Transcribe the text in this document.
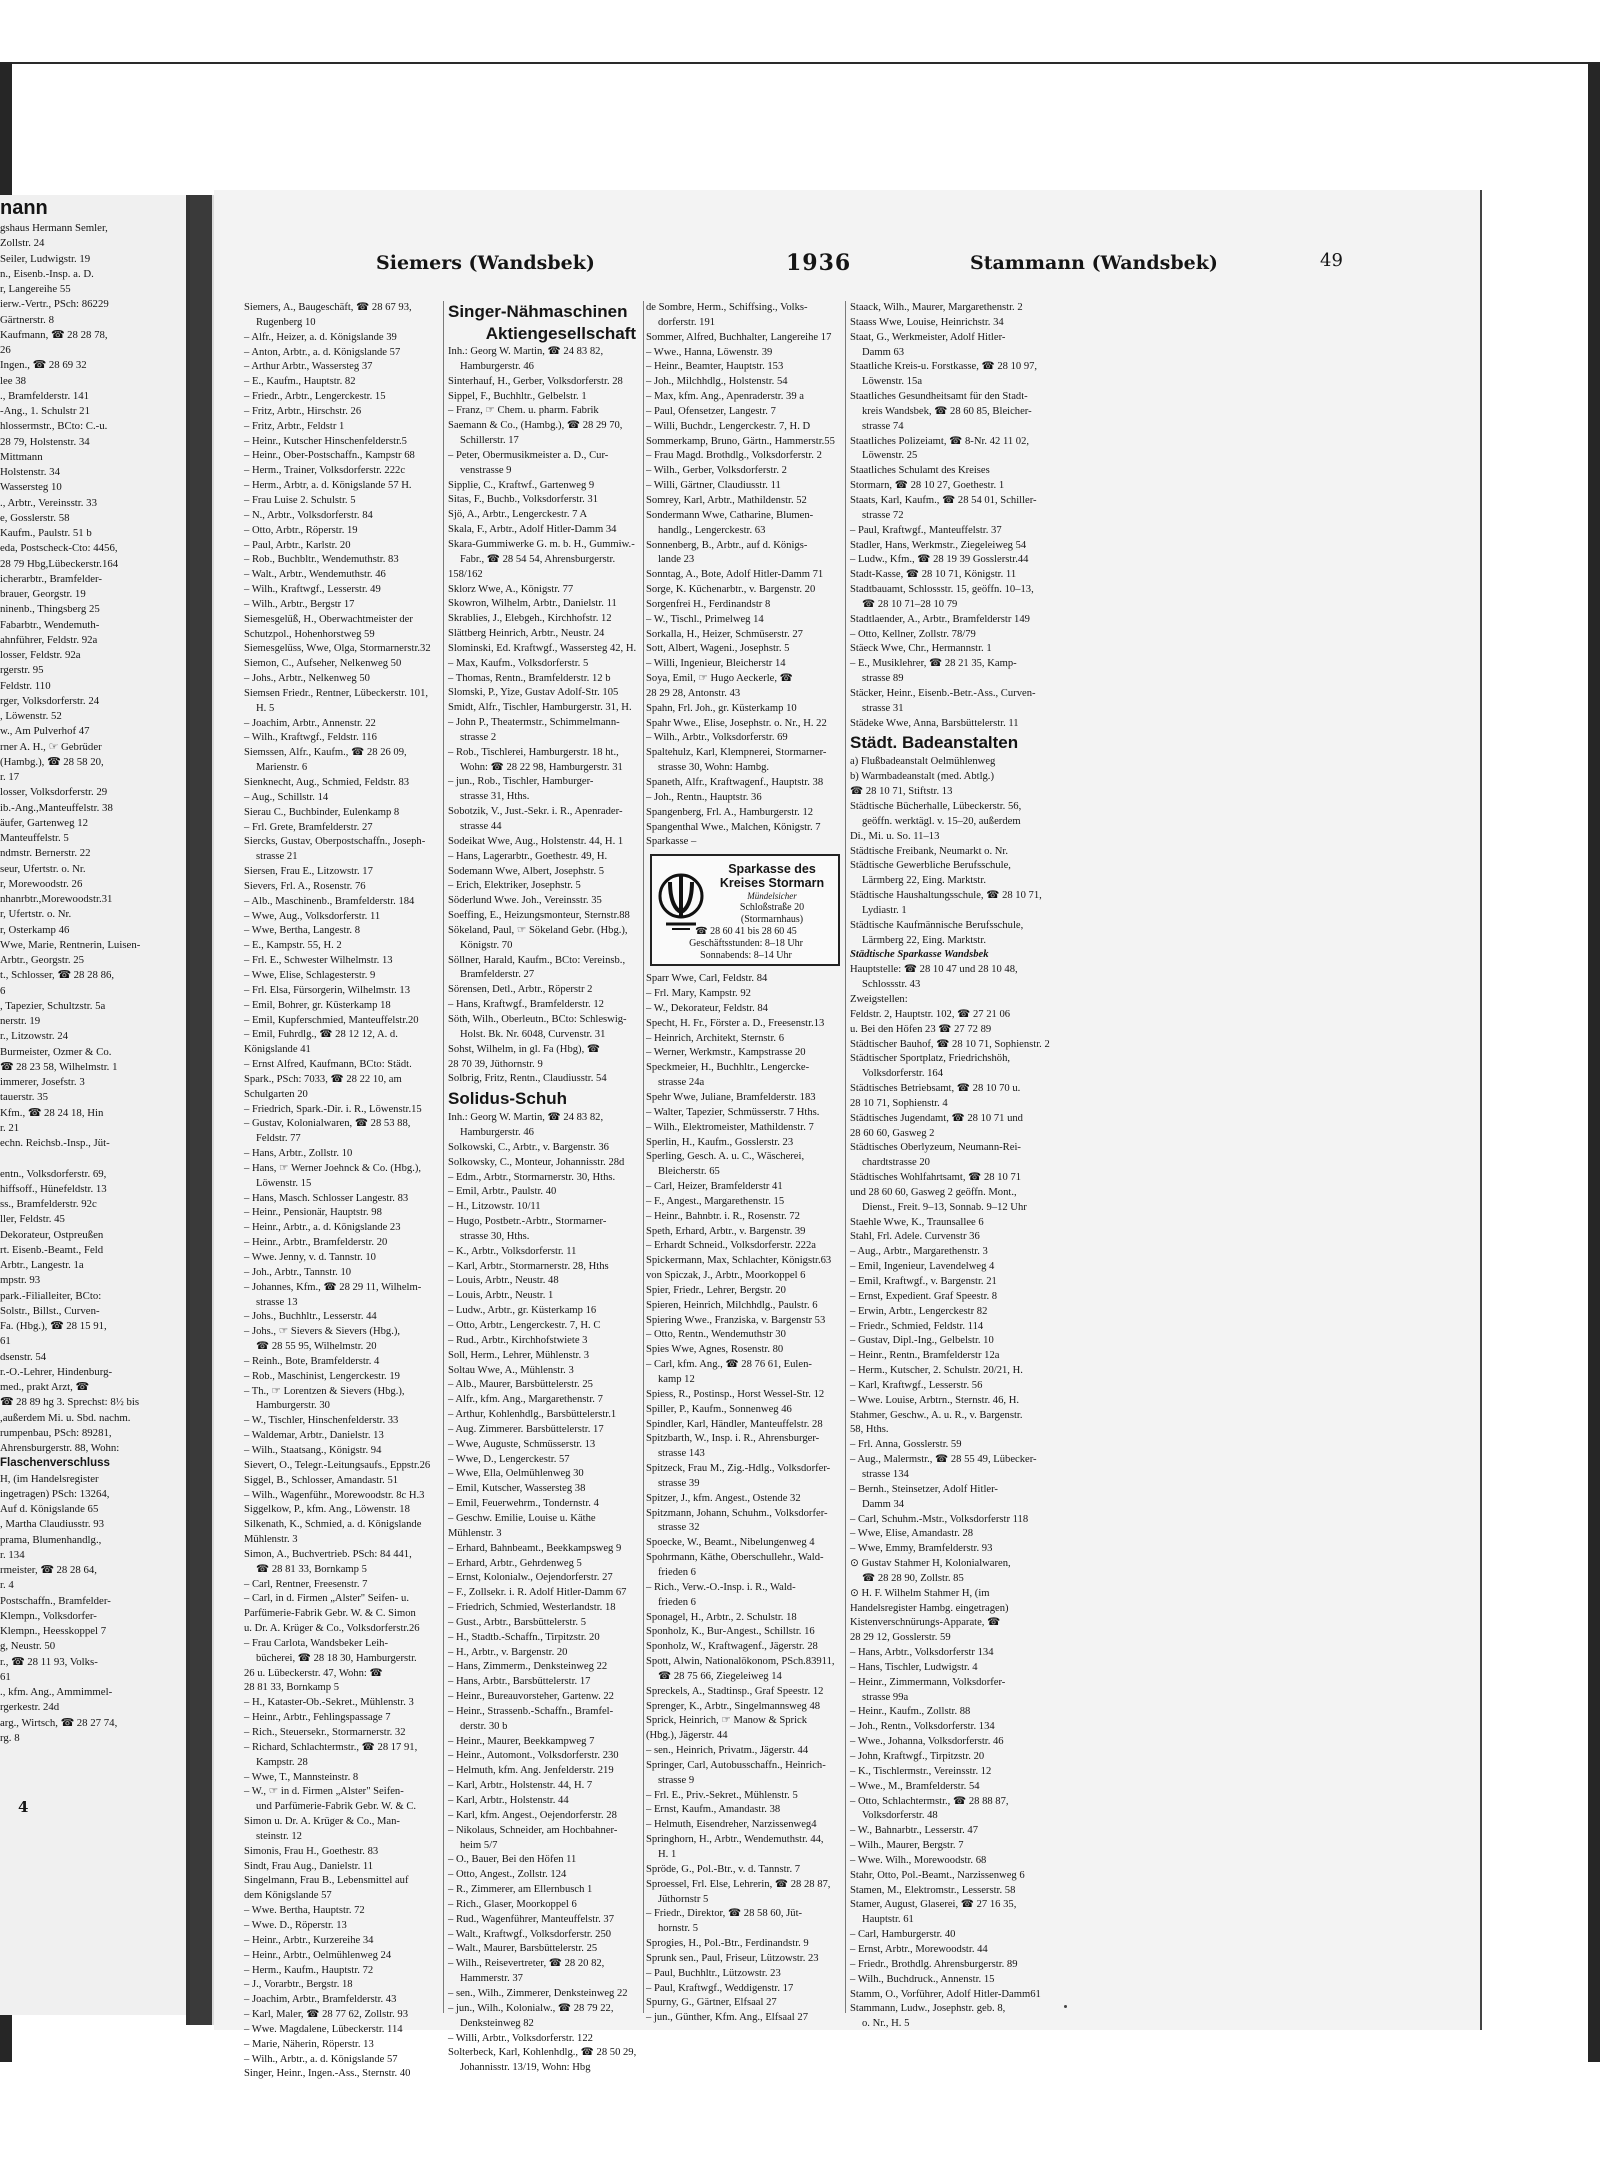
nann
gshaus Hermann Semler,
Zollstr. 24
Seiler, Ludwigstr. 19
n., Eisenb.-Insp. a. D.
r, Langereihe 55
ierw.-Vertr., PSch: 86229
Gärtnerstr. 8
Kaufmann, ☎ 28 28 78,
26
Ingen., ☎ 28 69 32
lee 38
., Bramfelderstr. 141
-Ang., 1. Schulstr 21
hlossermstr., BCto: C.-u.
28 79, Holstenstr. 34
Mittmann
Holstenstr. 34
Wassersteg 10
., Arbtr., Vereinsstr. 33
e, Gosslerstr. 58
Kaufm., Paulstr. 51 b
eda, Postscheck-Cto: 4456,
28 79 Hbg,Lübeckerstr.164
icherarbtr., Bramfelder-
brauer, Georgstr. 19
ninenb., Thingsberg 25
Fabarbtr., Wendemuth-
ahnführer, Feldstr. 92a
losser, Feldstr. 92a
rgerstr. 95
Feldstr. 110
rger, Volksdorferstr. 24
, Löwenstr. 52
w., Am Pulverhof 47
rner A. H., ☞ Gebrüder
(Hambg.), ☎ 28 58 20,
r. 17
losser, Volksdorferstr. 29
ib.-Ang.,Manteuffelstr. 38
äufer, Gartenweg 12
Manteuffelstr. 5
ndmstr. Bernerstr. 22
seur, Ufertstr. o. Nr.
r, Morewoodstr. 26
nhanrbtr.,Morewoodstr.31
r, Ufertstr. o. Nr.
r, Osterkamp 46
Wwe, Marie, Rentnerin, Luisen-
Arbtr., Georgstr. 25
t., Schlosser, ☎ 28 28 86,
6
, Tapezier, Schultzstr. 5a
nerstr. 19
r., Litzowstr. 24
Burmeister, Ozmer & Co.
☎ 28 23 58, Wilhelmstr. 1
immerer, Josefstr. 3
tauerstr. 35
Kfm., ☎ 28 24 18, Hin
r. 21
echn. Reichsb.-Insp., Jüt-
entn., Volksdorferstr. 69,
hiffsoff., Hünefeldstr. 13
ss., Bramfelderstr. 92c
ller, Feldstr. 45
Dekorateur, Ostpreußen
rt. Eisenb.-Beamt., Feld
Arbtr., Langestr. 1a
mpstr. 93
park.-Filialleiter, BCto:
Solstr., Billst., Curven-
Fa. (Hbg.), ☎ 28 15 91,
61
dsenstr. 54
r.-O.-Lehrer, Hindenburg-
med., prakt Arzt, ☎
☎ 28 89 hg 3. Sprechst: 8½ bis
,außerdem Mi. u. Sbd. nachm.
rumpenbau, PSch: 89281,
Ahrensburgerstr. 88, Wohn:
Flaschenverschluss
H, (im Handelsregister
ingetragen) PSch: 13264,
Auf d. Königslande 65
, Martha Claudiusstr. 93
prama, Blumenhandlg.,
r. 134
rmeister, ☎ 28 28 64,
r. 4
Postschaffn., Bramfelder-
Klempn., Volksdorfer-
Klempn., Heesskoppel 7
g, Neustr. 50
r., ☎ 28 11 93, Volks-
61
., kfm. Ang., Ammimmel-
rgerkestr. 24d
arg., Wirtsch, ☎ 28 27 74,
rg. 8
4
Siemers (Wandsbek)	1936	Stammann (Wandsbek)	49
Siemers, A., Baugeschäft, ☎ 28 67 93,
Rugenberg 10
– Alfr., Heizer, a. d. Königslande 39
– Anton, Arbtr., a. d. Königslande 57
– Arthur Arbtr., Wassersteg 37
– E., Kaufm., Hauptstr. 82
– Friedr., Arbtr., Lengerckestr. 15
– Fritz, Arbtr., Hirschstr. 26
– Fritz, Arbtr., Feldstr 1
– Heinr., Kutscher Hinschenfelderstr.5
– Heinr., Ober-Postschaffn., Kampstr 68
– Herm., Trainer, Volksdorferstr. 222c
– Herm., Arbtr, a. d. Königslande 57 H.
– Frau Luise 2. Schulstr. 5
– N., Arbtr., Volksdorferstr. 84
– Otto, Arbtr., Röperstr. 19
– Paul, Arbtr., Karlstr. 20
– Rob., Buchbltr., Wendemuthstr. 83
– Walt., Arbtr., Wendemuthstr. 46
– Wilh., Kraftwgf., Lesserstr. 49
– Wilh., Arbtr., Bergstr 17
Siemesgelüß, H., Oberwachtmeister der
Schutzpol., Hohenhorstweg 59
Siemesgelüss, Wwe, Olga, Stormarnerstr.32
Siemon, C., Aufseher, Nelkenweg 50
– Johs., Arbtr., Nelkenweg 50
Siemsen Friedr., Rentner, Lübeckerstr. 101,
H. 5
– Joachim, Arbtr., Annenstr. 22
– Wilh., Kraftwgf., Feldstr. 116
Siemssen, Alfr., Kaufm., ☎ 28 26 09,
Marienstr. 6
Sienknecht, Aug., Schmied, Feldstr. 83
– Aug., Schillstr. 14
Sierau C., Buchbinder, Eulenkamp 8
– Frl. Grete, Bramfelderstr. 27
Siercks, Gustav, Oberpostschaffn., Joseph-
strasse 21
Siersen, Frau E., Litzowstr. 17
Sievers, Frl. A., Rosenstr. 76
– Alb., Maschinenb., Bramfelderstr. 184
– Wwe, Aug., Volksdorferstr. 11
– Wwe, Bertha, Langestr. 8
– E., Kampstr. 55, H. 2
– Frl. E., Schwester Wilhelmstr. 13
– Wwe, Elise, Schlagesterstr. 9
– Frl. Elsa, Fürsorgerin, Wilhelmstr. 13
– Emil, Bohrer, gr. Küsterkamp 18
– Emil, Kupferschmied, Manteuffelstr.20
– Emil, Fuhrdlg., ☎ 28 12 12, A. d.
Königslande 41
– Ernst Alfred, Kaufmann, BCto: Städt.
Spark., PSch: 7033, ☎ 28 22 10, am
Schulgarten 20
– Friedrich, Spark.-Dir. i. R., Löwenstr.15
– Gustav, Kolonialwaren, ☎ 28 53 88,
Feldstr. 77
– Hans, Arbtr., Zollstr. 10
– Hans, ☞ Werner Joehnck & Co. (Hbg.),
Löwenstr. 15
– Hans, Masch. Schlosser Langestr. 83
– Heinr., Pensionär, Hauptstr. 98
– Heinr., Arbtr., a. d. Königslande 23
– Heinr., Arbtr., Bramfelderstr. 20
– Wwe. Jenny, v. d. Tannstr. 10
– Joh., Arbtr., Tannstr. 10
– Johannes, Kfm., ☎ 28 29 11, Wilhelm-
strasse 13
– Johs., Buchhltr., Lesserstr. 44
– Johs., ☞ Sievers & Sievers (Hbg.),
☎ 28 55 95, Wilhelmstr. 20
– Reinh., Bote, Bramfelderstr. 4
– Rob., Maschinist, Lengerckestr. 19
– Th., ☞ Lorentzen & Sievers (Hbg.),
Hamburgerstr. 30
– W., Tischler, Hinschenfelderstr. 33
– Waldemar, Arbtr., Danielstr. 13
– Wilh., Staatsang., Königstr. 94
Sievert, O., Telegr.-Leitungsaufs., Eppstr.26
Siggel, B., Schlosser, Amandastr. 51
– Wilh., Wagenführ., Morewoodstr. 8c H.3
Siggelkow, P., kfm. Ang., Löwenstr. 18
Silkenath, K., Schmied, a. d. Königslande
Mühlenstr. 3
Simon, A., Buchvertrieb. PSch: 84 441,
☎ 28 81 33, Bornkamp 5
– Carl, Rentner, Freesenstr. 7
– Carl, in d. Firmen „Alster" Seifen- u.
Parfümerie-Fabrik Gebr. W. & C. Simon
u. Dr. A. Krüger & Co., Volksdorferstr.26
– Frau Carlota, Wandsbeker Leih-
bücherei, ☎ 28 18 30, Hamburgerstr.
26 u. Lübeckerstr. 47, Wohn: ☎
28 81 33, Bornkamp 5
– H., Kataster-Ob.-Sekret., Mühlenstr. 3
– Heinr., Arbtr., Fehlingspassage 7
– Rich., Steuersekr., Stormarnerstr. 32
– Richard, Schlachtermstr., ☎ 28 17 91,
Kampstr. 28
– Wwe, T., Mannsteinstr. 8
– W., ☞ in d. Firmen „Alster" Seifen-
und Parfümerie-Fabrik Gebr. W. & C.
Simon u. Dr. A. Krüger & Co., Man-
steinstr. 12
Simonis, Frau H., Goethestr. 83
Sindt, Frau Aug., Danielstr. 11
Singelmann, Frau B., Lebensmittel auf
dem Königslande 57
– Wwe. Bertha, Hauptstr. 72
– Wwe. D., Röperstr. 13
– Heinr., Arbtr., Kurzereihe 34
– Heinr., Arbtr., Oelmühlenweg 24
– Herm., Kaufm., Hauptstr. 72
– J., Vorarbtr., Bergstr. 18
– Joachim, Arbtr., Bramfelderstr. 43
– Karl, Maler, ☎ 28 77 62, Zollstr. 93
– Wwe. Magdalene, Lübeckerstr. 114
– Marie, Näherin, Röperstr. 13
– Wilh., Arbtr., a. d. Königslande 57
Singer, Heinr., Ingen.-Ass., Sternstr. 40
Singer-Nähmaschinen
Aktiengesellschaft
Inh.: Georg W. Martin, ☎ 24 83 82,
Hamburgerstr. 46
Sinterhauf, H., Gerber, Volksdorferstr. 28
Sippel, F., Buchhltr., Gelbelstr. 1
– Franz, ☞ Chem. u. pharm. Fabrik
Saemann & Co., (Hambg.), ☎ 28 29 70,
Schillerstr. 17
– Peter, Obermusikmeister a. D., Cur-
venstrasse 9
Sipplie, C., Kraftwf., Gartenweg 9
Sitas, F., Buchb., Volksdorferstr. 31
Sjö, A., Arbtr., Lengerckestr. 7 A
Skala, F., Arbtr., Adolf Hitler-Damm 34
Skara-Gummiwerke G. m. b. H., Gummiw.-
Fabr., ☎ 28 54 54, Ahrensburgerstr.
158/162
Sklorz Wwe, A., Königstr. 77
Skowron, Wilhelm, Arbtr., Danielstr. 11
Skrablies, J., Elebgeh., Kirchhofstr. 12
Slättberg Heinrich, Arbtr., Neustr. 24
Slominski, Ed. Kraftwgf., Wassersteg 42, H.
– Max, Kaufm., Volksdorferstr. 5
– Thomas, Rentn., Bramfelderstr. 12 b
Slomski, P., Yize, Gustav Adolf-Str. 105
Smidt, Alfr., Tischler, Hamburgerstr. 31, H.
– John P., Theatermstr., Schimmelmann-
strasse 2
– Rob., Tischlerei, Hamburgerstr. 18 ht.,
Wohn: ☎ 28 22 98, Hamburgerstr. 31
– jun., Rob., Tischler, Hamburger-
strasse 31, Hths.
Sobotzik, V., Just.-Sekr. i. R., Apenrader-
strasse 44
Sodeikat Wwe, Aug., Holstenstr. 44, H. 1
– Hans, Lagerarbtr., Goethestr. 49, H.
Sodemann Wwe, Albert, Josephstr. 5
– Erich, Elektriker, Josephstr. 5
Söderlund Wwe. Joh., Vereinsstr. 35
Soeffing, E., Heizungsmonteur, Sternstr.88
Sökeland, Paul, ☞ Sökeland Gebr. (Hbg.),
Königstr. 70
Söllner, Harald, Kaufm., BCto: Vereinsb.,
Bramfelderstr. 27
Sörensen, Detl., Arbtr., Röperstr 2
– Hans, Kraftwgf., Bramfelderstr. 12
Söth, Wilh., Oberleutn., BCto: Schleswig-
Holst. Bk. Nr. 6048, Curvenstr. 31
Sohst, Wilhelm, in gl. Fa (Hbg), ☎
28 70 39, Jüthornstr. 9
Solbrig, Fritz, Rentn., Claudiusstr. 54
Solidus-Schuh
Inh.: Georg W. Martin, ☎ 24 83 82,
Hamburgerstr. 46
Solkowski, C., Arbtr., v. Bargenstr. 36
Solkowsky, C., Monteur, Johannisstr. 28d
– Edm., Arbtr., Stormarnerstr. 30, Hths.
– Emil, Arbtr., Paulstr. 40
– H., Litzowstr. 10/11
– Hugo, Postbetr.-Arbtr., Stormarner-
strasse 30, Hths.
– K., Arbtr., Volksdorferstr. 11
– Karl, Arbtr., Stormarnerstr. 28, Hths
– Louis, Arbtr., Neustr. 48
– Louis, Arbtr., Neustr. 1
– Ludw., Arbtr., gr. Küsterkamp 16
– Otto, Arbtr., Lengerckestr. 7, H. C
– Rud., Arbtr., Kirchhofstwiete 3
Soll, Herm., Lehrer, Mühlenstr. 3
Soltau Wwe, A., Mühlenstr. 3
– Alb., Maurer, Barsbüttelerstr. 25
– Alfr., kfm. Ang., Margarethenstr. 7
– Arthur, Kohlenhdlg., Barsbüttelerstr.1
– Aug. Zimmerer. Barsbüttelerstr. 17
– Wwe, Auguste, Schmüsserstr. 13
– Wwe, D., Lengerckestr. 57
– Wwe, Ella, Oelmühlenweg 30
– Emil, Kutscher, Wassersteg 38
– Emil, Feuerwehrm., Tondernstr. 4
– Geschw. Emilie, Louise u. Käthe
Mühlenstr. 3
– Erhard, Bahnbeamt., Beekkampsweg 9
– Erhard, Arbtr., Gehrdenweg 5
– Ernst, Kolonialw., Oejendorferstr. 27
– F., Zollsekr. i. R. Adolf Hitler-Damm 67
– Friedrich, Schmied, Westerlandstr. 18
– Gust., Arbtr., Barsbüttelerstr. 5
– H., Stadtb.-Schaffn., Tirpitzstr. 20
– H., Arbtr., v. Bargenstr. 20
– Hans, Zimmerm., Denksteinweg 22
– Hans, Arbtr., Barsbüttelerstr. 17
– Heinr., Bureauvorsteher, Gartenw. 22
– Heinr., Strassenb.-Schaffn., Bramfel-
derstr. 30 b
– Heinr., Maurer, Beekkampweg 7
– Heinr., Automont., Volksdorferstr. 230
– Helmuth, kfm. Ang. Jenfelderstr. 219
– Karl, Arbtr., Holstenstr. 44, H. 7
– Karl, Arbtr., Holstenstr. 44
– Karl, kfm. Angest., Oejendorferstr. 28
– Nikolaus, Schneider, am Hochbahner-
heim 5/7
– O., Bauer, Bei den Höfen 11
– Otto, Angest., Zollstr. 124
– R., Zimmerer, am Ellernbusch 1
– Rich., Glaser, Moorkoppel 6
– Rud., Wagenführer, Manteuffelstr. 37
– Walt., Kraftwgf., Volksdorferstr. 250
– Walt., Maurer, Barsbüttelerstr. 25
– Wilh., Reisevertreter, ☎ 28 20 82,
Hammerstr. 37
– sen., Wilh., Zimmerer, Denksteinweg 22
– jun., Wilh., Kolonialw., ☎ 28 79 22,
Denksteinweg 82
– Willi, Arbtr., Volksdorferstr. 122
Solterbeck, Karl, Kohlenhdlg., ☎ 28 50 29,
Johannisstr. 13/19, Wohn: Hbg
de Sombre, Herm., Schiffsing., Volks-
dorferstr. 191
Sommer, Alfred, Buchhalter, Langereihe 17
– Wwe., Hanna, Löwenstr. 39
– Heinr., Beamter, Hauptstr. 153
– Joh., Milchhdlg., Holstenstr. 54
– Max, kfm. Ang., Apenraderstr. 39 a
– Paul, Ofensetzer, Langestr. 7
– Willi, Buchdr., Lengerckestr. 7, H. D
Sommerkamp, Bruno, Gärtn., Hammerstr.55
– Frau Magd. Brothdlg., Volksdorferstr. 2
– Wilh., Gerber, Volksdorferstr. 2
– Willi, Gärtner, Claudiusstr. 11
Somrey, Karl, Arbtr., Mathildenstr. 52
Sondermann Wwe, Catharine, Blumen-
handlg., Lengerckestr. 63
Sonnenberg, B., Arbtr., auf d. Königs-
lande 23
Sonntag, A., Bote, Adolf Hitler-Damm 71
Sorge, K. Küchenarbtr., v. Bargenstr. 20
Sorgenfrei H., Ferdinandstr 8
– W., Tischl., Primelweg 14
Sorkalla, H., Heizer, Schmüserstr. 27
Sott, Albert, Wageni., Josephstr. 5
– Willi, Ingenieur, Bleicherstr 14
Soya, Emil, ☞ Hugo Aeckerle, ☎
28 29 28, Antonstr. 43
Spahn, Frl. Joh., gr. Küsterkamp 10
Spahr Wwe., Elise, Josephstr. o. Nr., H. 22
– Wilh., Arbtr., Volksdorferstr. 69
Spaltehulz, Karl, Klempnerei, Stormarner-
strasse 30, Wohn: Hambg.
Spaneth, Alfr., Kraftwagenf., Hauptstr. 38
– Joh., Rentn., Hauptstr. 36
Spangenberg, Frl. A., Hamburgerstr. 12
Spangenthal Wwe., Malchen, Königstr. 7
Sparkasse –
Sparkasse des
Kreises Stormarn
Mündelsicher
Schloßstraße 20
(Stormarnhaus)
☎ 28 60 41 bis 28 60 45
Geschäftsstunden: 8–18 Uhr
Sonnabends: 8–14 Uhr
Sparr Wwe, Carl, Feldstr. 84
– Frl. Mary, Kampstr. 92
– W., Dekorateur, Feldstr. 84
Specht, H. Fr., Förster a. D., Freesenstr.13
– Heinrich, Architekt, Sternstr. 6
– Werner, Werkmstr., Kampstrasse 20
Speckmeier, H., Buchhltr., Lengercke-
strasse 24a
Spehr Wwe, Juliane, Bramfelderstr. 183
– Walter, Tapezier, Schmüsserstr. 7 Hths.
– Wilh., Elektromeister, Mathildenstr. 7
Sperlin, H., Kaufm., Gosslerstr. 23
Sperling, Gesch. A. u. C., Wäscherei,
Bleicherstr. 65
– Carl, Heizer, Bramfelderstr 41
– F., Angest., Margarethenstr. 15
– Heinr., Bahnbtr. i. R., Rosenstr. 72
Speth, Erhard, Arbtr., v. Bargenstr. 39
– Erhardt Schneid., Volksdorferstr. 222a
Spickermann, Max, Schlachter, Königstr.63
von Spiczak, J., Arbtr., Moorkoppel 6
Spier, Friedr., Lehrer, Bergstr. 20
Spieren, Heinrich, Milchhdlg., Paulstr. 6
Spiering Wwe., Franziska, v. Bargenstr 53
– Otto, Rentn., Wendemuthstr 30
Spies Wwe, Agnes, Rosenstr. 80
– Carl, kfm. Ang., ☎ 28 76 61, Eulen-
kamp 12
Spiess, R., Postinsp., Horst Wessel-Str. 12
Spiller, P., Kaufm., Sonnenweg 46
Spindler, Karl, Händler, Manteuffelstr. 28
Spitzbarth, W., Insp. i. R., Ahrensburger-
strasse 143
Spitzeck, Frau M., Zig.-Hdlg., Volksdorfer-
strasse 39
Spitzer, J., kfm. Angest., Ostende 32
Spitzmann, Johann, Schuhm., Volksdorfer-
strasse 32
Spoecke, W., Beamt., Nibelungenweg 4
Spohrmann, Käthe, Oberschullehr., Wald-
frieden 6
– Rich., Verw.-O.-Insp. i. R., Wald-
frieden 6
Sponagel, H., Arbtr., 2. Schulstr. 18
Sponholz, K., Bur-Angest., Schillstr. 16
Sponholz, W., Kraftwagenf., Jägerstr. 28
Spott, Alwin, Nationalökonom, PSch.83911,
☎ 28 75 66, Ziegeleiweg 14
Spreckels, A., Stadtinsp., Graf Speestr. 12
Sprenger, K., Arbtr., Singelmannsweg 48
Sprick, Heinrich, ☞ Manow & Sprick
(Hbg.), Jägerstr. 44
– sen., Heinrich, Privatm., Jägerstr. 44
Springer, Carl, Autobusschaffn., Heinrich-
strasse 9
– Frl. E., Priv.-Sekret., Mühlenstr. 5
– Ernst, Kaufm., Amandastr. 38
– Helmuth, Eisendreher, Narzissenweg4
Springhorn, H., Arbtr., Wendemuthstr. 44,
H. 1
Spröde, G., Pol.-Btr., v. d. Tannstr. 7
Sproessel, Frl. Else, Lehrerin, ☎ 28 28 87,
Jüthornstr 5
– Friedr., Direktor, ☎ 28 58 60, Jüt-
hornstr. 5
Sprogies, H., Pol.-Btr., Ferdinandstr. 9
Sprunk sen., Paul, Friseur, Lützowstr. 23
– Paul, Buchhltr., Lützowstr. 23
– Paul, Kraftwgf., Weddigenstr. 17
Spurny, G., Gärtner, Elfsaal 27
– jun., Günther, Kfm. Ang., Elfsaal 27
Staack, Wilh., Maurer, Margarethenstr. 2
Staass Wwe, Louise, Heinrichstr. 34
Staat, G., Werkmeister, Adolf Hitler-
Damm 63
Staatliche Kreis-u. Forstkasse, ☎ 28 10 97,
Löwenstr. 15a
Staatliches Gesundheitsamt für den Stadt-
kreis Wandsbek, ☎ 28 60 85, Bleicher-
strasse 74
Staatliches Polizeiamt, ☎ 8-Nr. 42 11 02,
Löwenstr. 25
Staatliches Schulamt des Kreises
Stormarn, ☎ 28 10 27, Goethestr. 1
Staats, Karl, Kaufm., ☎ 28 54 01, Schiller-
strasse 72
– Paul, Kraftwgf., Manteuffelstr. 37
Stadler, Hans, Werkmstr., Ziegeleiweg 54
– Ludw., Kfm., ☎ 28 19 39 Gosslerstr.44
Stadt-Kasse, ☎ 28 10 71, Königstr. 11
Stadtbauamt, Schlossstr. 15, geöffn. 10–13,
☎ 28 10 71–28 10 79
Stadtlaender, A., Arbtr., Bramfelderstr 149
– Otto, Kellner, Zollstr. 78/79
Stäeck Wwe, Chr., Hermannstr. 1
– E., Musiklehrer, ☎ 28 21 35, Kamp-
strasse 89
Stäcker, Heinr., Eisenb.-Betr.-Ass., Curven-
strasse 31
Städeke Wwe, Anna, Barsbüttelerstr. 11
Städt. Badeanstalten
a) Flußbadeanstalt Oelmühlenweg
b) Warmbadeanstalt (med. Abtlg.)
☎ 28 10 71, Stiftstr. 13
Städtische Bücherhalle, Lübeckerstr. 56,
geöffn. werktägl. v. 15–20, außerdem
Di., Mi. u. So. 11–13
Städtische Freibank, Neumarkt o. Nr.
Städtische Gewerbliche Berufsschule,
Lärmberg 22, Eing. Marktstr.
Städtische Haushaltungsschule, ☎ 28 10 71,
Lydiastr. 1
Städtische Kaufmännische Berufsschule,
Lärmberg 22, Eing. Marktstr.
Städtische Sparkasse Wandsbek
Hauptstelle: ☎ 28 10 47 und 28 10 48,
Schlossstr. 43
Zweigstellen:
Feldstr. 2, Hauptstr. 102, ☎ 27 21 06
u. Bei den Höfen 23 ☎ 27 72 89
Städtischer Bauhof, ☎ 28 10 71, Sophienstr. 2
Städtischer Sportplatz, Friedrichshöh,
Volksdorferstr. 164
Städtisches Betriebsamt, ☎ 28 10 70 u.
28 10 71, Sophienstr. 4
Städtisches Jugendamt, ☎ 28 10 71 und
28 60 60, Gasweg 2
Städtisches Oberlyzeum, Neumann-Rei-
chardtstrasse 20
Städtisches Wohlfahrtsamt, ☎ 28 10 71
und 28 60 60, Gasweg 2 geöffn. Mont.,
Dienst., Freit. 9–13, Sonnab. 9–12 Uhr
Staehle Wwe, K., Traunsallee 6
Stahl, Frl. Adele. Curvenstr 36
– Aug., Arbtr., Margarethenstr. 3
– Emil, Ingenieur, Lavendelweg 4
– Emil, Kraftwgf., v. Bargenstr. 21
– Ernst, Expedient. Graf Speestr. 8
– Erwin, Arbtr., Lengerckestr 82
– Friedr., Schmied, Feldstr. 114
– Gustav, Dipl.-Ing., Gelbelstr. 10
– Heinr., Rentn., Bramfelderstr 12a
– Herm., Kutscher, 2. Schulstr. 20/21, H.
– Karl, Kraftwgf., Lesserstr. 56
– Wwe. Louise, Arbtrn., Sternstr. 46, H.
Stahmer, Geschw., A. u. R., v. Bargenstr.
58, Hths.
– Frl. Anna, Gosslerstr. 59
– Aug., Malermstr., ☎ 28 55 49, Lübecker-
strasse 134
– Bernh., Steinsetzer, Adolf Hitler-
Damm 34
– Carl, Schuhm.-Mstr., Volksdorferstr 118
– Wwe, Elise, Amandastr. 28
– Wwe, Emmy, Bramfelderstr. 93
⊙ Gustav Stahmer H, Kolonialwaren,
☎ 28 28 90, Zollstr. 85
⊙ H. F. Wilhelm Stahmer H, (im
Handelsregister Hambg. eingetragen)
Kistenverschnürungs-Apparate, ☎
28 29 12, Gosslerstr. 59
– Hans, Arbtr., Volksdorferstr 134
– Hans, Tischler, Ludwigstr. 4
– Heinr., Zimmermann, Volksdorfer-
strasse 99a
– Heinr., Kaufm., Zollstr. 88
– Joh., Rentn., Volksdorferstr. 134
– Wwe., Johanna, Volksdorferstr. 46
– John, Kraftwgf., Tirpitzstr. 20
– K., Tischlermstr., Vereinsstr. 12
– Wwe., M., Bramfelderstr. 54
– Otto, Schlachtermstr., ☎ 28 88 87,
Volksdorferstr. 48
– W., Bahnarbtr., Lesserstr. 47
– Wilh., Maurer, Bergstr. 7
– Wwe. Wilh., Morewoodstr. 68
Stahr, Otto, Pol.-Beamt., Narzissenweg 6
Stamen, M., Elektromstr., Lesserstr. 58
Stamer, August, Glaserei, ☎ 27 16 35,
Hauptstr. 61
– Carl, Hamburgerstr. 40
– Ernst, Arbtr., Morewoodstr. 44
– Friedr., Brothdlg. Ahrensburgerstr. 89
– Wilh., Buchdruck., Annenstr. 15
Stamm, O., Vorführer, Adolf Hitler-Damm61
Stammann, Ludw., Josephstr. geb. 8,
o. Nr., H. 5
